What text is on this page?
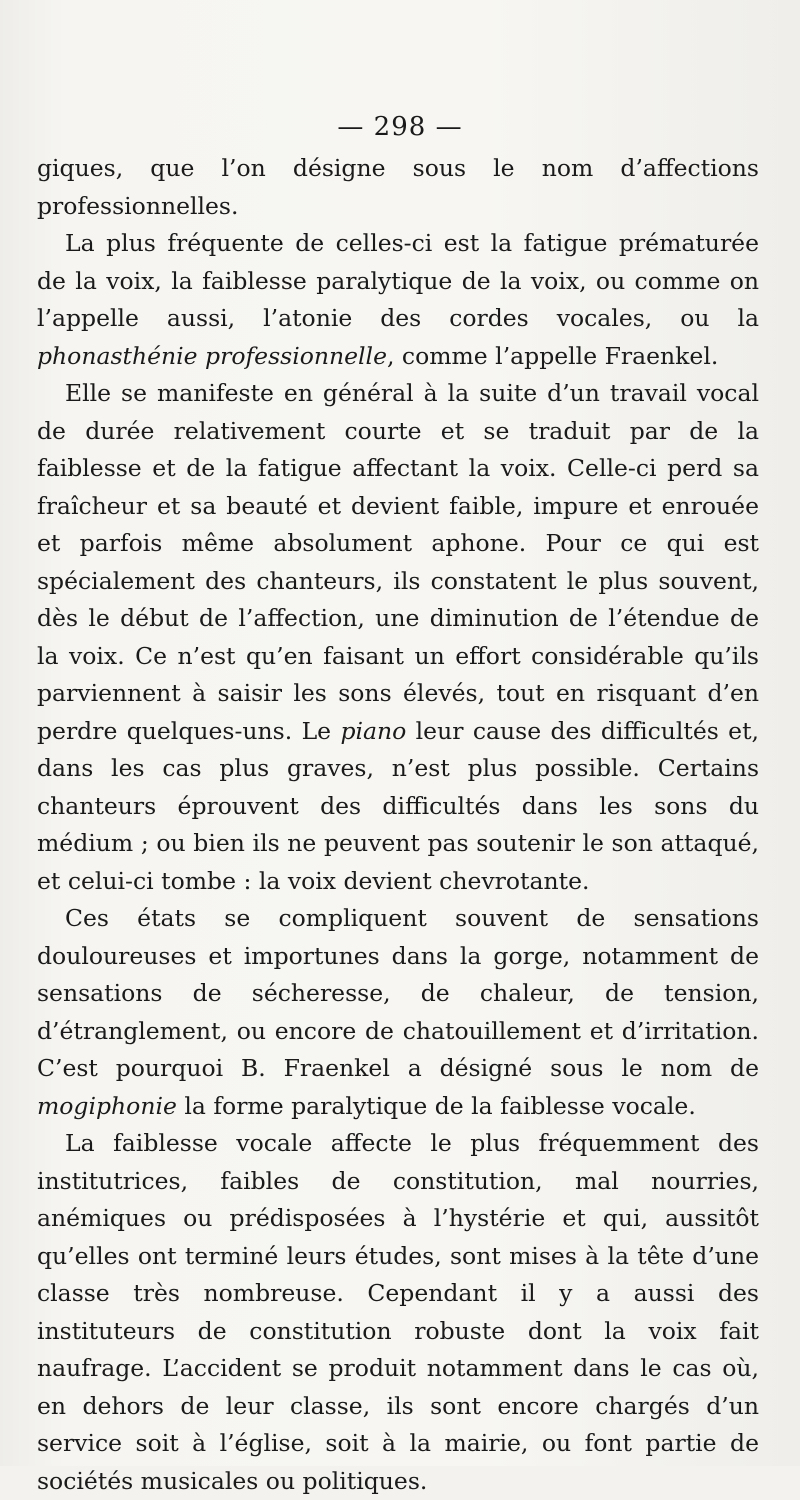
— 298 —

giques, que l’on désigne sous le nom d’affections professionnelles.

La plus fréquente de celles-ci est la fatigue prématurée de la voix, la faiblesse paralytique de la voix, ou comme on l’appelle aussi, l’atonie des cordes vocales, ou la phonasthénie professionnelle, comme l’appelle Fraenkel.

Elle se manifeste en général à la suite d’un travail vocal de durée relativement courte et se traduit par de la faiblesse et de la fatigue affectant la voix. Celle-ci perd sa fraîcheur et sa beauté et devient faible, impure et enrouée et parfois même absolument aphone. Pour ce qui est spécialement des chanteurs, ils constatent le plus souvent, dès le début de l’affection, une diminution de l’étendue de la voix. Ce n’est qu’en faisant un effort considérable qu’ils parviennent à saisir les sons élevés, tout en risquant d’en perdre quelques-uns. Le piano leur cause des difficultés et, dans les cas plus graves, n’est plus possible. Certains chanteurs éprouvent des difficultés dans les sons du médium ; ou bien ils ne peuvent pas soutenir le son attaqué, et celui-ci tombe : la voix devient chevrotante.

Ces états se compliquent souvent de sensations douloureuses et importunes dans la gorge, notamment de sensations de sécheresse, de chaleur, de tension, d’étranglement, ou encore de chatouillement et d’irritation. C’est pourquoi B. Fraenkel a désigné sous le nom de mogiphonie la forme paralytique de la faiblesse vocale.

La faiblesse vocale affecte le plus fréquemment des institutrices, faibles de constitution, mal nourries, anémiques ou prédisposées à l’hystérie et qui, aussitôt qu’elles ont terminé leurs études, sont mises à la tête d’une classe très nombreuse. Cependant il y a aussi des instituteurs de constitution robuste dont la voix fait naufrage. L’accident se produit notamment dans le cas où, en dehors de leur classe, ils sont encore chargés d’un service soit à l’église, soit à la mairie, ou font partie de sociétés musicales ou politiques.
